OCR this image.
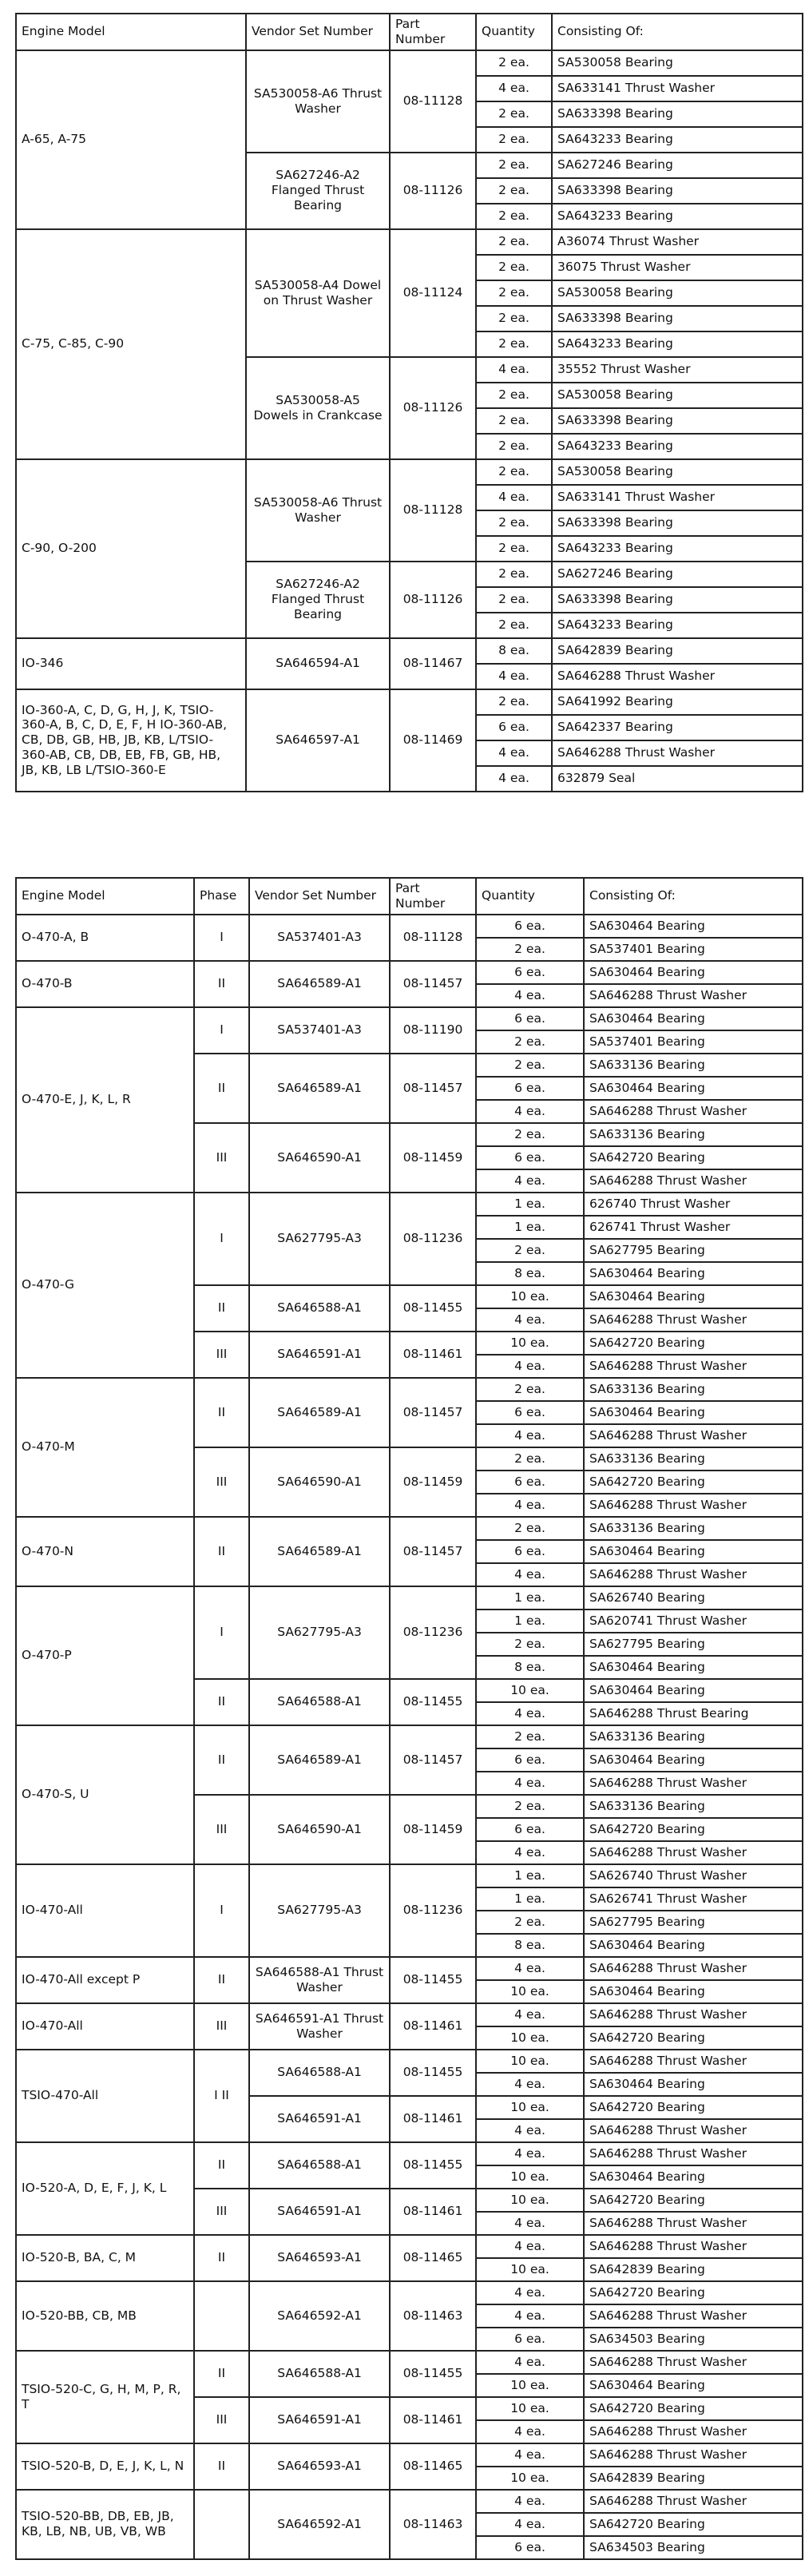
Engine Model	Vendor Set Number	Part Number	Quantity	Consisting Of:
A-65, A-75	SA530058-A6 Thrust Washer	08-11128	2 ea.	SA530058 Bearing
			4 ea.	SA633141 Thrust Washer
			2 ea.	SA633398 Bearing
			2 ea.	SA643233 Bearing
	SA627246-A2 Flanged Thrust Bearing	08-11126	2 ea.	SA627246 Bearing
			2 ea.	SA633398 Bearing
			2 ea.	SA643233 Bearing
C-75, C-85, C-90	SA530058-A4 Dowel on Thrust Washer	08-11124	2 ea.	A36074 Thrust Washer
			2 ea.	36075 Thrust Washer
			2 ea.	SA530058 Bearing
			2 ea.	SA633398 Bearing
			2 ea.	SA643233 Bearing
	SA530058-A5 Dowels in Crankcase	08-11126	4 ea.	35552 Thrust Washer
			2 ea.	SA530058 Bearing
			2 ea.	SA633398 Bearing
			2 ea.	SA643233 Bearing
C-90, O-200	SA530058-A6 Thrust Washer	08-11128	2 ea.	SA530058 Bearing
			4 ea.	SA633141 Thrust Washer
			2 ea.	SA633398 Bearing
			2 ea.	SA643233 Bearing
	SA627246-A2 Flanged Thrust Bearing	08-11126	2 ea.	SA627246 Bearing
			2 ea.	SA633398 Bearing
			2 ea.	SA643233 Bearing
IO-346	SA646594-A1	08-11467	8 ea.	SA642839 Bearing
			4 ea.	SA646288 Thrust Washer
IO-360-A, C, D, G, H, J, K, TSIO-360-A, B, C, D, E, F, H IO-360-AB, CB, DB, GB, HB, JB, KB, L/TSIO-360-AB, CB, DB, EB, FB, GB, HB, JB, KB, LB L/TSIO-360-E	SA646597-A1	08-11469	2 ea.	SA641992 Bearing
			6 ea.	SA642337 Bearing
			4 ea.	SA646288 Thrust Washer
			4 ea.	632879 Seal
Engine Model	Phase	Vendor Set Number	Part Number	Quantity	Consisting Of:
O-470-A, B	I	SA537401-A3	08-11128	6 ea.	SA630464 Bearing
				2 ea.	SA537401 Bearing
O-470-B	II	SA646589-A1	08-11457	6 ea.	SA630464 Bearing
				4 ea.	SA646288 Thrust Washer
O-470-E, J, K, L, R	I	SA537401-A3	08-11190	6 ea.	SA630464 Bearing
				2 ea.	SA537401 Bearing
	II	SA646589-A1	08-11457	2 ea.	SA633136 Bearing
				6 ea.	SA630464 Bearing
				4 ea.	SA646288 Thrust Washer
	III	SA646590-A1	08-11459	2 ea.	SA633136 Bearing
				6 ea.	SA642720 Bearing
				4 ea.	SA646288 Thrust Washer
O-470-G	I	SA627795-A3	08-11236	1 ea.	626740 Thrust Washer
				1 ea.	626741 Thrust Washer
				2 ea.	SA627795 Bearing
				8 ea.	SA630464 Bearing
	II	SA646588-A1	08-11455	10 ea.	SA630464 Bearing
				4 ea.	SA646288 Thrust Washer
	III	SA646591-A1	08-11461	10 ea.	SA642720 Bearing
				4 ea.	SA646288 Thrust Washer
O-470-M	II	SA646589-A1	08-11457	2 ea.	SA633136 Bearing
				6 ea.	SA630464 Bearing
				4 ea.	SA646288 Thrust Washer
	III	SA646590-A1	08-11459	2 ea.	SA633136 Bearing
				6 ea.	SA642720 Bearing
				4 ea.	SA646288 Thrust Washer
O-470-N	II	SA646589-A1	08-11457	2 ea.	SA633136 Bearing
				6 ea.	SA630464 Bearing
				4 ea.	SA646288 Thrust Washer
O-470-P	I	SA627795-A3	08-11236	1 ea.	SA626740 Bearing
				1 ea.	SA620741 Thrust Washer
				2 ea.	SA627795 Bearing
				8 ea.	SA630464 Bearing
	II	SA646588-A1	08-11455	10 ea.	SA630464 Bearing
				4 ea.	SA646288 Thrust Bearing
O-470-S, U	II	SA646589-A1	08-11457	2 ea.	SA633136 Bearing
				6 ea.	SA630464 Bearing
				4 ea.	SA646288 Thrust Washer
	III	SA646590-A1	08-11459	2 ea.	SA633136 Bearing
				6 ea.	SA642720 Bearing
				4 ea.	SA646288 Thrust Washer
IO-470-All	I	SA627795-A3	08-11236	1 ea.	SA626740 Thrust Washer
				1 ea.	SA626741 Thrust Washer
				2 ea.	SA627795 Bearing
				8 ea.	SA630464 Bearing
IO-470-All except P	II	SA646588-A1 Thrust Washer	08-11455	4 ea.	SA646288 Thrust Washer
				10 ea.	SA630464 Bearing
IO-470-All	III	SA646591-A1 Thrust Washer	08-11461	4 ea.	SA646288 Thrust Washer
				10 ea.	SA642720 Bearing
TSIO-470-All	I II	SA646588-A1	08-11455	10 ea.	SA646288 Thrust Washer
				4 ea.	SA630464 Bearing
		SA646591-A1	08-11461	10 ea.	SA642720 Bearing
				4 ea.	SA646288 Thrust Washer
IO-520-A, D, E, F, J, K, L	II	SA646588-A1	08-11455	4 ea.	SA646288 Thrust Washer
				10 ea.	SA630464 Bearing
	III	SA646591-A1	08-11461	10 ea.	SA642720 Bearing
				4 ea.	SA646288 Thrust Washer
IO-520-B, BA, C, M	II	SA646593-A1	08-11465	4 ea.	SA646288 Thrust Washer
				10 ea.	SA642839 Bearing
IO-520-BB, CB, MB		SA646592-A1	08-11463	4 ea.	SA642720 Bearing
				4 ea.	SA646288 Thrust Washer
				6 ea.	SA634503 Bearing
TSIO-520-C, G, H, M, P, R, T	II	SA646588-A1	08-11455	4 ea.	SA646288 Thrust Washer
				10 ea.	SA630464 Bearing
	III	SA646591-A1	08-11461	10 ea.	SA642720 Bearing
				4 ea.	SA646288 Thrust Washer
TSIO-520-B, D, E, J, K, L, N	II	SA646593-A1	08-11465	4 ea.	SA646288 Thrust Washer
				10 ea.	SA642839 Bearing
TSIO-520-BB, DB, EB, JB, KB, LB, NB, UB, VB, WB		SA646592-A1	08-11463	4 ea.	SA646288 Thrust Washer
				4 ea.	SA642720 Bearing
				6 ea.	SA634503 Bearing
